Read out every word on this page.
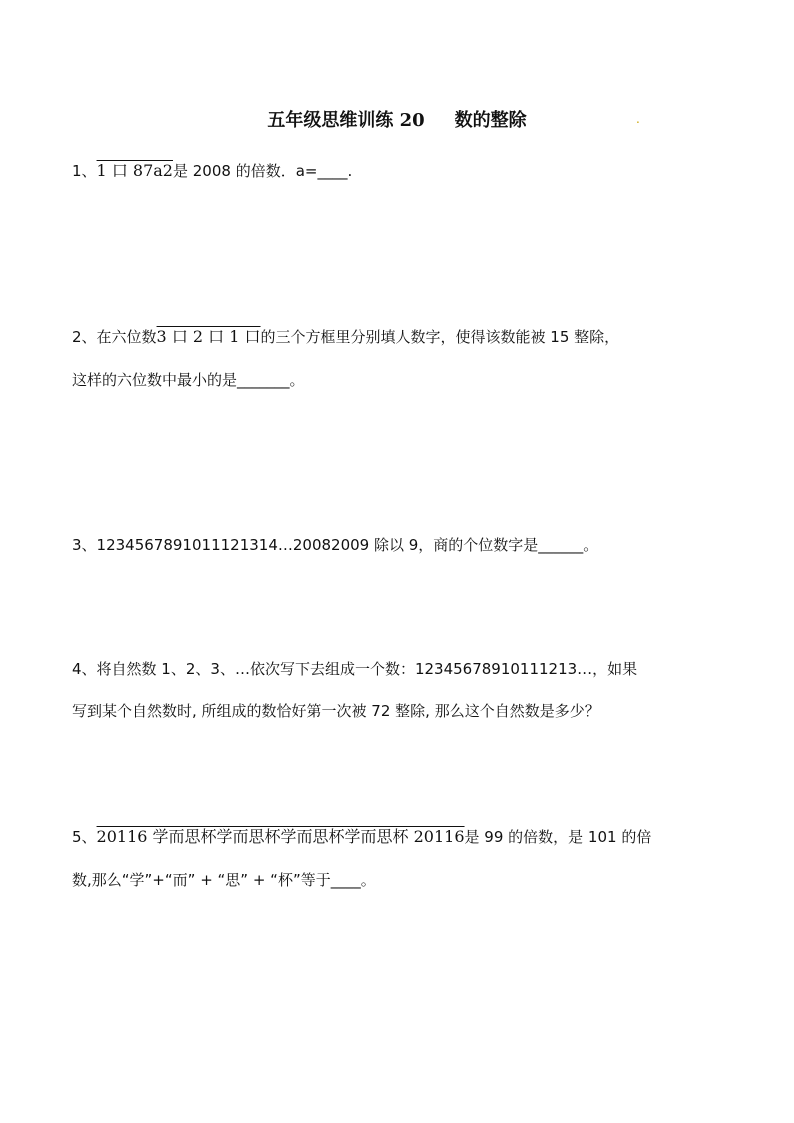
五年级思维训练 20 数的整除	.
1、1 口 87a2是 2008 的倍数．a=____.
2、在六位数3 口 2 口 1 口的三个方框里分别填人数字，使得该数能被 15 整除，
这样的六位数中最小的是_______。
3、1234567891011121314…20082009 除以 9，商的个位数字是______。
4、将自然数 1、2、3、…依次写下去组成一个数：12345678910111213…，如果
写到某个自然数时, 所组成的数恰好第一次被 72 整除, 那么这个自然数是多少？
5、20116 学而思杯学而思杯学而思杯学而思杯 20116是 99 的倍数，是 101 的倍
数,那么“学”+“而” + “思” + “杯”等于____。
